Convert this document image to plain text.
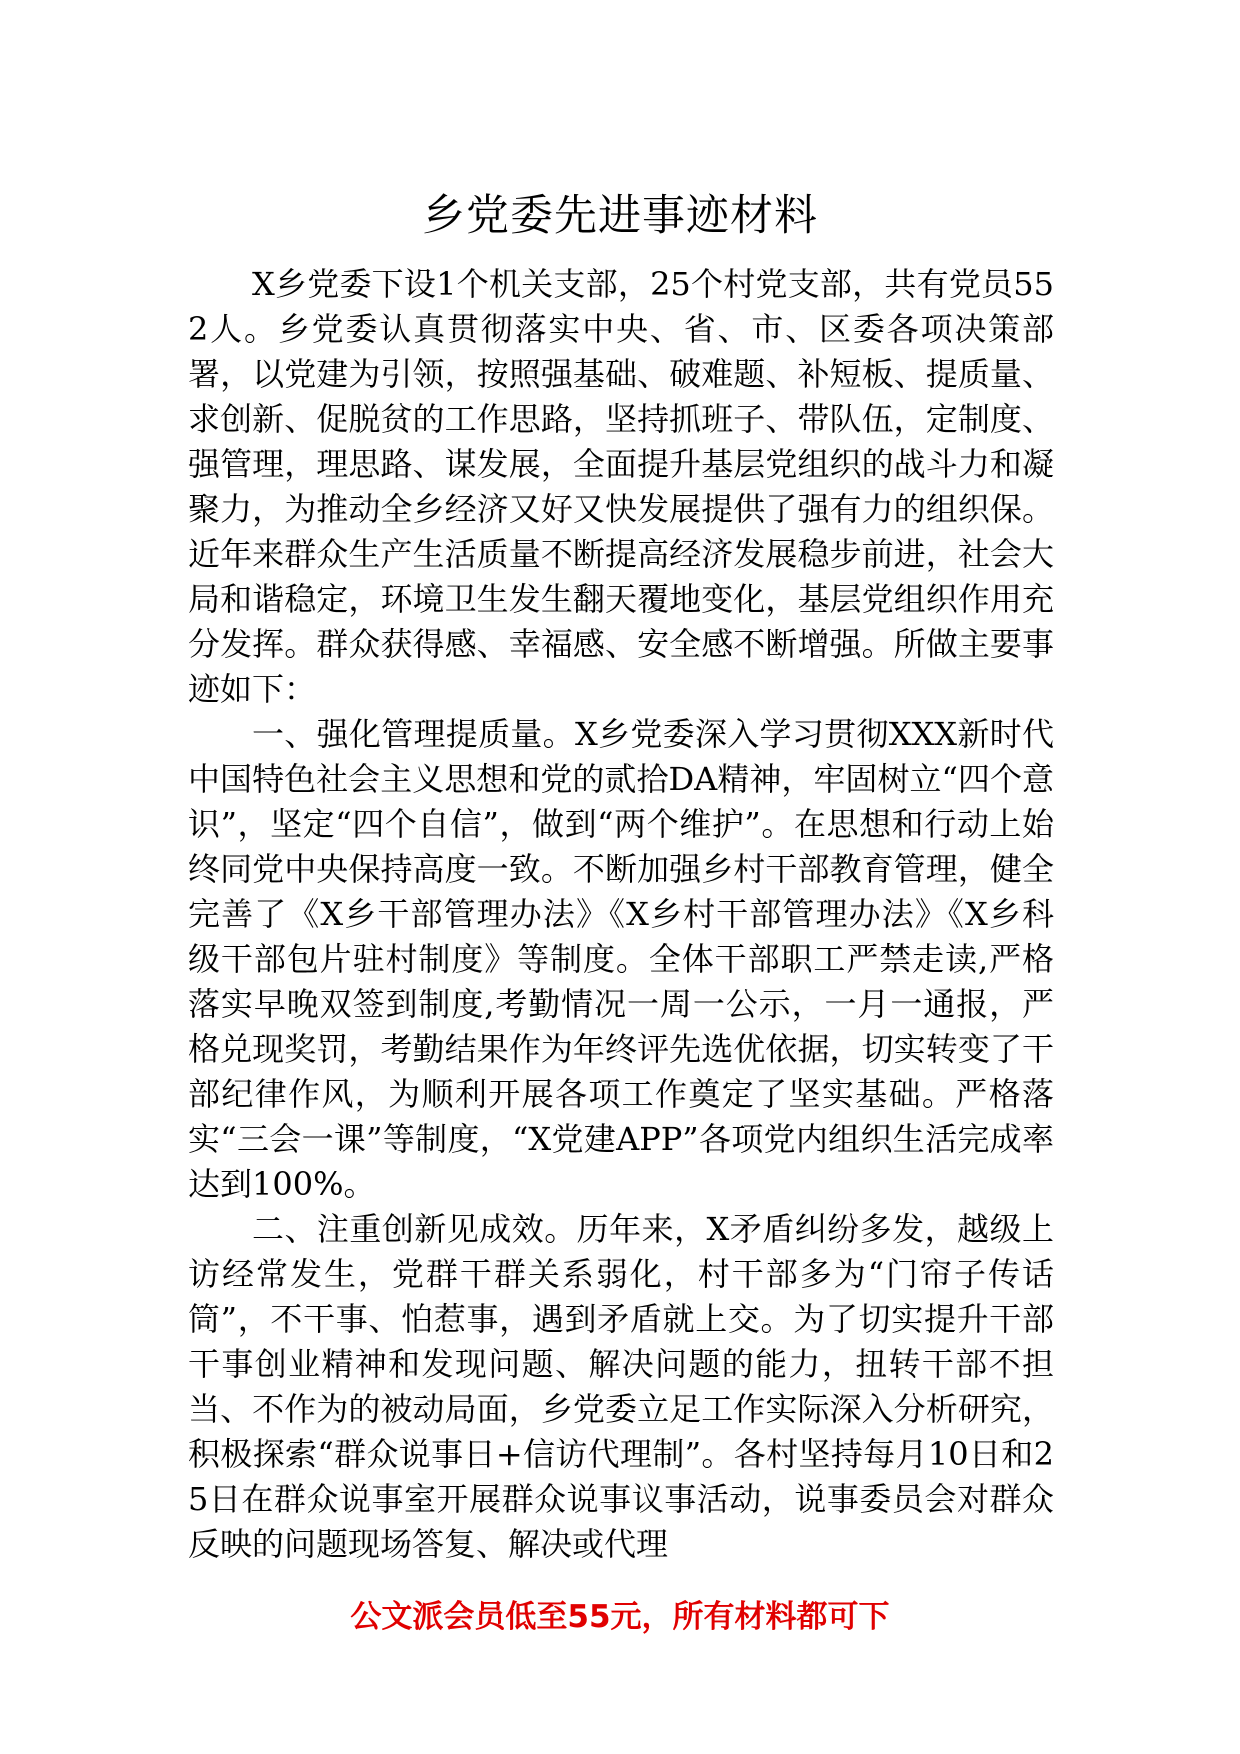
乡党委先进事迹材料

X乡党委下设1个机关支部，25个村党支部，共有党员552人。乡党委认真贯彻落实中央、省、市、区委各项决策部署，以党建为引领，按照强基础、破难题、补短板、提质量、求创新、促脱贫的工作思路，坚持抓班子、带队伍，定制度、强管理，理思路、谋发展，全面提升基层党组织的战斗力和凝聚力，为推动全乡经济又好又快发展提供了强有力的组织保。近年来群众生产生活质量不断提高经济发展稳步前进，社会大局和谐稳定，环境卫生发生翻天覆地变化，基层党组织作用充分发挥。群众获得感、幸福感、安全感不断增强。所做主要事迹如下：

一、强化管理提质量。X乡党委深入学习贯彻XXX新时代中国特色社会主义思想和党的贰拾DA精神，牢固树立“四个意识”，坚定“四个自信”，做到“两个维护”。在思想和行动上始终同党中央保持高度一致。不断加强乡村干部教育管理，健全完善了《X乡干部管理办法》《X乡村干部管理办法》《X乡科级干部包片驻村制度》等制度。全体干部职工严禁走读,严格落实早晚双签到制度,考勤情况一周一公示，一月一通报，严格兑现奖罚，考勤结果作为年终评先选优依据，切实转变了干部纪律作风，为顺利开展各项工作奠定了坚实基础。严格落实“三会一课”等制度，“X党建APP”各项党内组织生活完成率达到100%。

二、注重创新见成效。历年来，X矛盾纠纷多发，越级上访经常发生，党群干群关系弱化，村干部多为“门帘子传话筒”，不干事、怕惹事，遇到矛盾就上交。为了切实提升干部干事创业精神和发现问题、解决问题的能力，扭转干部不担当、不作为的被动局面，乡党委立足工作实际深入分析研究，积极探索“群众说事日+信访代理制”。各村坚持每月10日和25日在群众说事室开展群众说事议事活动，说事委员会对群众反映的问题现场答复、解决或代理

公文派会员低至55元，所有材料都可下
